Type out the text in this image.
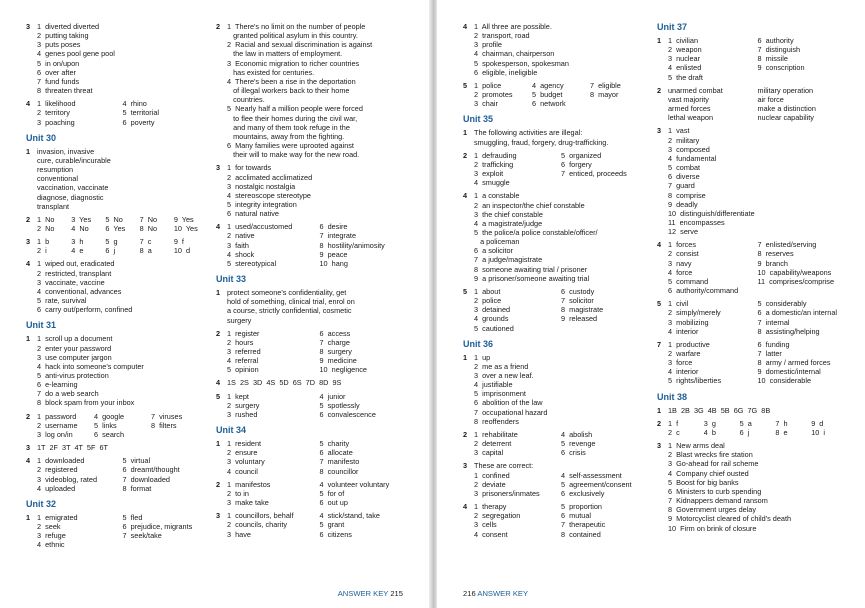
3 1  diverted diverted
2  putting taking
3  puts poses
4  genes pool gene pool
5  in on/upon
6  over after
7  fund funds
8  threaten threat
4 1  likelihood	4  rhino
2  territory	5  territorial
3  poaching	6  poverty
Unit 30
1 invasion, invasive
cure, curable/incurable
resumption
conventional
vaccination, vaccinate
diagnose, diagnostic
transplant
2 1  No	3  Yes	5  No	7  No	9  Yes
2  No	4  No	6  Yes	8  No	10  Yes
3 1  b	3  h	5  g	7  c	9  f
2  i	4  e	6  j	8  a	10  d
4 1  wiped out, eradicated
2  restricted, transplant
3  vaccinate, vaccine
4  conventional, advances
5  rate, survival
6  carry out/perform, confined
Unit 31
1 1  scroll up a document
2  enter your password
3  use computer jargon
4  hack into someone's computer
5  anti-virus protection
6  e-learning
7  do a web search
8  block spam from your inbox
2 1  password	4  google	7  viruses
2  username	5  links	8  filters
3  log on/in	6  search
3 1T  2F  3T  4T  5F  6T
4 1  downloaded	5  virtual
2  registered	6  dreamt/thought
3  videoblog, rated	7  downloaded
4  uploaded	8  format
Unit 32
1 1  emigrated	5  fled
2  seek	6  prejudice, migrants
3  refuge	7  seek/take
4  ethnic
2 1  There's no limit on the number of people
granted political asylum in this country.
2  Racial and sexual discrimination is against
the law in matters of employment.
3  Economic migration to richer countries
has existed for centuries.
4  There's been a rise in the deportation
of illegal workers back to their home
countries.
5  Nearly half a million people were forced
to flee their homes during the civil war,
and many of them took refuge in the
mountains, away from the fighting.
6  Many families were uprooted against
their will to make way for the new road.
3 1  for towards
2  acclimated acclimatized
3  nostalgic nostalgia
4  stereoscope stereotype
5  integrity integration
6  natural native
4 1  used/accustomed	6  desire
2  native	7  integrate
3  faith	8  hostility/animosity
4  shock	9  peace
5  stereotypical	10  hang
Unit 33
1 protect someone's confidentiality, get
hold of something, clinical trial, enrol on
a course, strictly confidential, cosmetic
surgery
2 1  register	6  access
2  hours	7  charge
3  referred	8  surgery
4  referral	9  medicine
5  opinion	10  negligence
4 1S  2S  3D  4S  5D  6S  7D  8D  9S
5 1  kept	4  junior
2  surgery	5  spotlessly
3  rushed	6  convalescence
Unit 34
1 1  resident	5  charity
2  ensure	6  allocate
3  voluntary	7  manifesto
4  council	8  councillor
2 1  manifestos	4  volunteer voluntary
2  to in	5  for of
3  make take	6  out up
3 1  councillors, behalf	4  stick/stand, take
2  councils, charity	5  grant
3  have	6  citizens
ANSWER KEY 215
4 1  All three are possible.
2  transport, road
3  profile
4  chairman, chairperson
5  spokesperson, spokesman
6  eligible, ineligible
5 1  police	4  agency	7  eligible
2  promotes	5  budget	8  mayor
3  chair	6  network
Unit 35
1 The following activities are illegal:
smuggling, fraud, forgery, drug-trafficking.
2 1  defrauding	5  organized
2  trafficking	6  forgery
3  exploit	7  enticed, proceeds
4  smuggle
4 1  a constable
2  an inspector/the chief constable
3  the chief constable
4  a magistrate/judge
5  the police/a police constable/officer/
a policeman
6  a solicitor
7  a judge/magistrate
8  someone awaiting trial / prisoner
9  a prisoner/someone awaiting trial
5 1  about	6  custody
2  police	7  solicitor
3  detained	8  magistrate
4  grounds	9  released
5  cautioned
Unit 36
1 1  up
2  me as a friend
3  over a new leaf.
4  justifiable
5  imprisonment
6  abolition of the law
7  occupational hazard
8  reoffenders
2 1  rehabilitate	4  abolish
2  deterrent	5  revenge
3  capital	6  crisis
3 These are correct:
1  confined	4  self-assessment
2  deviate	5  agreement/consent
3  prisoners/inmates	6  exclusively
4 1  therapy	5  proportion
2  segregation	6  mutual
3  cells	7  therapeutic
4  consent	8  contained
Unit 37
1 1  civilian	6  authority
2  weapon	7  distinguish
3  nuclear	8  missile
4  enlisted	9  conscription
5  the draft
2 unarmed combat	military operation
vast majority	air force
armed forces	make a distinction
lethal weapon	nuclear capability
3 1  vast
2  military
3  composed
4  fundamental
5  combat
6  diverse
7  guard
8  comprise
9  deadly
10  distinguish/differentiate
11  encompasses
12  serve
4 1  forces	7  enlisted/serving
2  consist	8  reserves
3  navy	9  branch
4  force	10  capability/weapons
5  command	11  comprises/comprise
6  authority/command
5 1  civil	5  considerably
2  simply/merely	6  a domestic/an internal
3  mobilizing	7  internal
4  interior	8  assisting/helping
7 1  productive	6  funding
2  warfare	7  latter
3  force	8  army / armed forces
4  interior	9  domestic/internal
5  rights/liberties	10  considerable
Unit 38
1 1B  2B  3G  4B  5B  6G  7G  8B
2 1  f	3  g	5  a	7  h	9  d
2  c	4  b	6  j	8  e	10  i
3 1  New arms deal
2  Blast wrecks fire station
3  Go-ahead for rail scheme
4  Company chief ousted
5  Boost for big banks
6  Ministers to curb spending
7  Kidnappers demand ransom
8  Government urges delay
9  Motorcyclist cleared of child's death
10  Firm on brink of closure
216 ANSWER KEY
